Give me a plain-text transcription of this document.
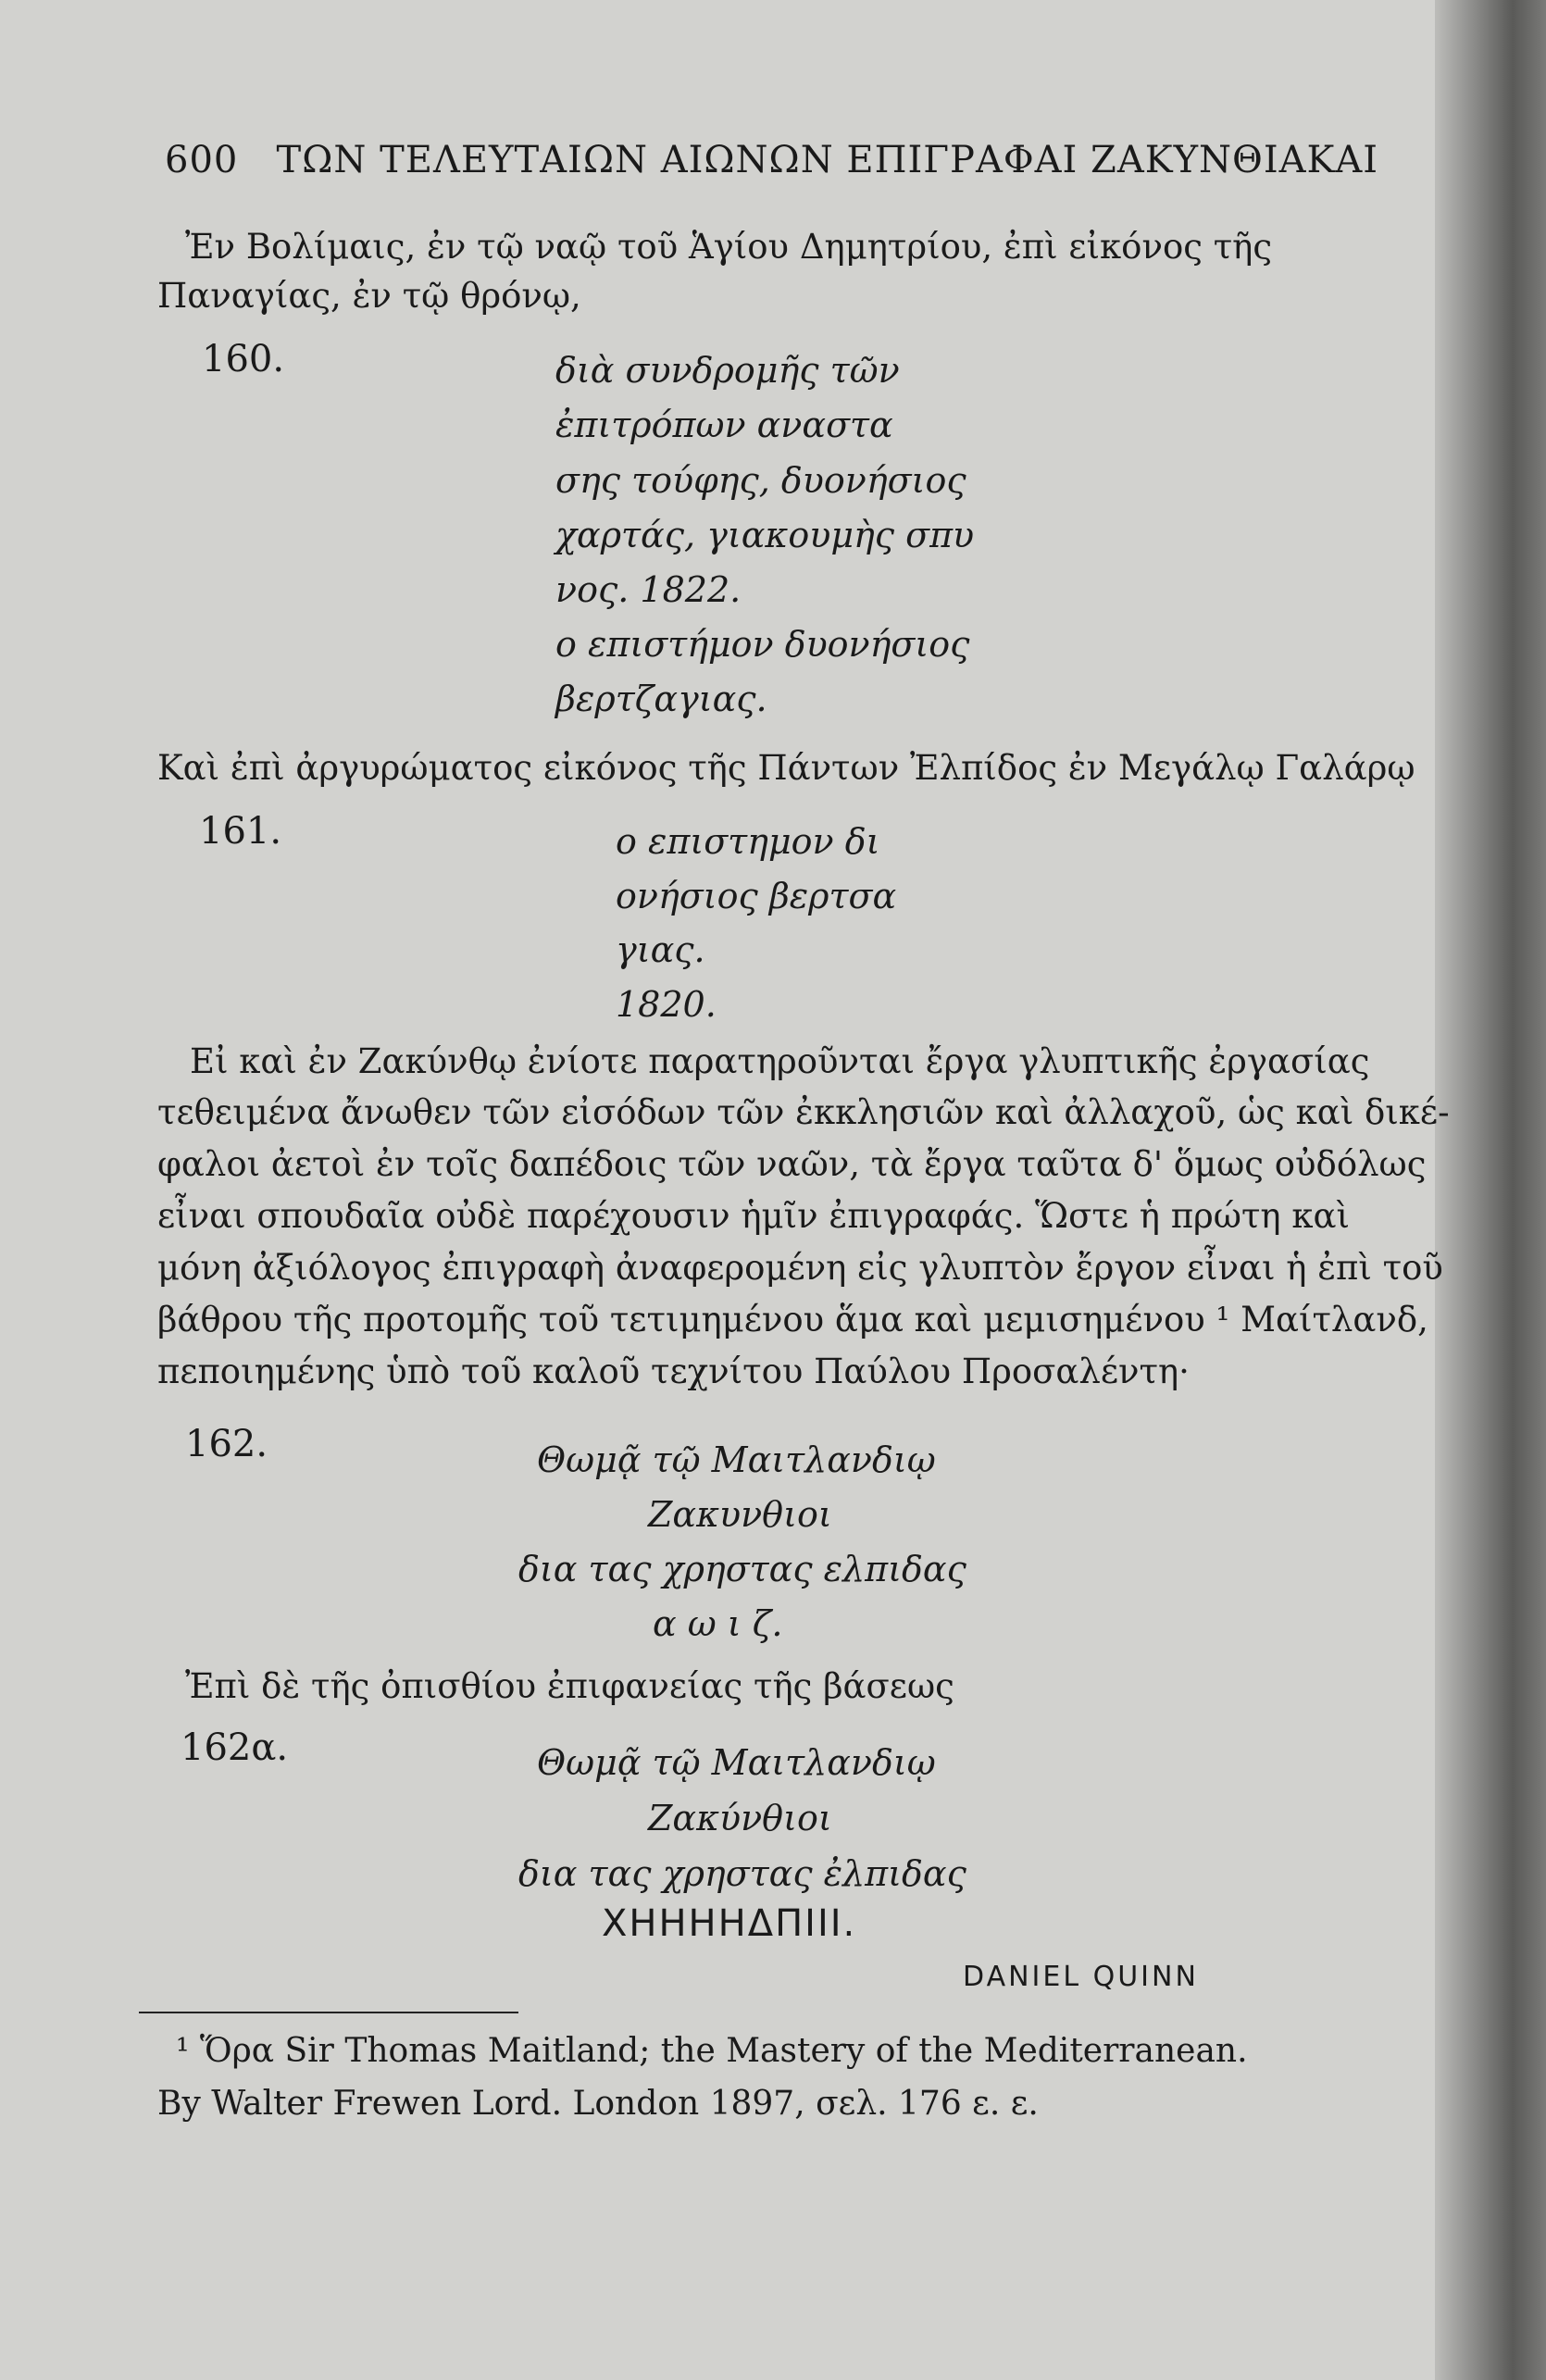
600 ΤΩΝ ΤΕΛΕΥΤΑΙΩΝ ΑΙΩΝΩΝ ΕΠΙΓΡΑΦΑΙ ΖΑΚΥΝΘΙΑΚΑΙ
Ἐν Βολίμαις, ἐν τῷ ναῷ τοῦ Ἁγίου Δημητρίου, ἐπὶ εἰκόνος τῆς
Παναγίας, ἐν τῷ θρόνῳ,
160.	διὰ συνδρομῆς τῶν
ἐπιτρόπων αναστα
σης τούφης, δυονήσιος
χαρτάς, γιακουμὴς σπυ
νος. 1822.
ο επιστήμον δυονήσιος
βερτζαγιας.
Καὶ ἐπὶ ἀργυρώματος εἰκόνος τῆς Πάντων Ἐλπίδος ἐν Μεγάλῳ Γαλάρῳ
161.	ο επιστημον δι
ονήσιος βερτσα
γιας.
1820.
Εἰ καὶ ἐν Ζακύνθῳ ἐνίοτε παρατηροῦνται ἔργα γλυπτικῆς ἐργασίας
τεθειμένα ἄνωθεν τῶν εἰσόδων τῶν ἐκκλησιῶν καὶ ἀλλαχοῦ, ὡς καὶ δικέ-
φαλοι ἀετοὶ ἐν τοῖς δαπέδοις τῶν ναῶν, τὰ ἔργα ταῦτα δ' ὅμως οὐδόλως
εἶναι σπουδαῖα οὐδὲ παρέχουσιν ἡμῖν ἐπιγραφάς. Ὥστε ἡ πρώτη καὶ
μόνη ἀξιόλογος ἐπιγραφὴ ἀναφερομένη εἰς γλυπτὸν ἔργον εἶναι ἡ ἐπὶ τοῦ
βάθρου τῆς προτομῆς τοῦ τετιμημένου ἅμα καὶ μεμισημένου ¹ Μαίτλανδ,
πεποιημένης ὑπὸ τοῦ καλοῦ τεχνίτου Παύλου Προσαλέντη·
162.	Θωμᾷ τῷ Μαιτλανδιῳ
Ζακυνθιοι
δια τας χρηστας ελπιδας
α ω ι ζ.
Ἐπὶ δὲ τῆς ὀπισθίου ἐπιφανείας τῆς βάσεως
162α.	Θωμᾷ τῷ Μαιτλανδιῳ
Ζακύνθιοι
δια τας χρηστας ἐλπιδας
ΧΗΗΗΗΔΠΙΙΙ.
DANIEL QUINN
¹ Ὅρα Sir Thomas Maitland; the Mastery of the Mediterranean.
By Walter Frewen Lord. London 1897, σελ. 176 ε. ε.
